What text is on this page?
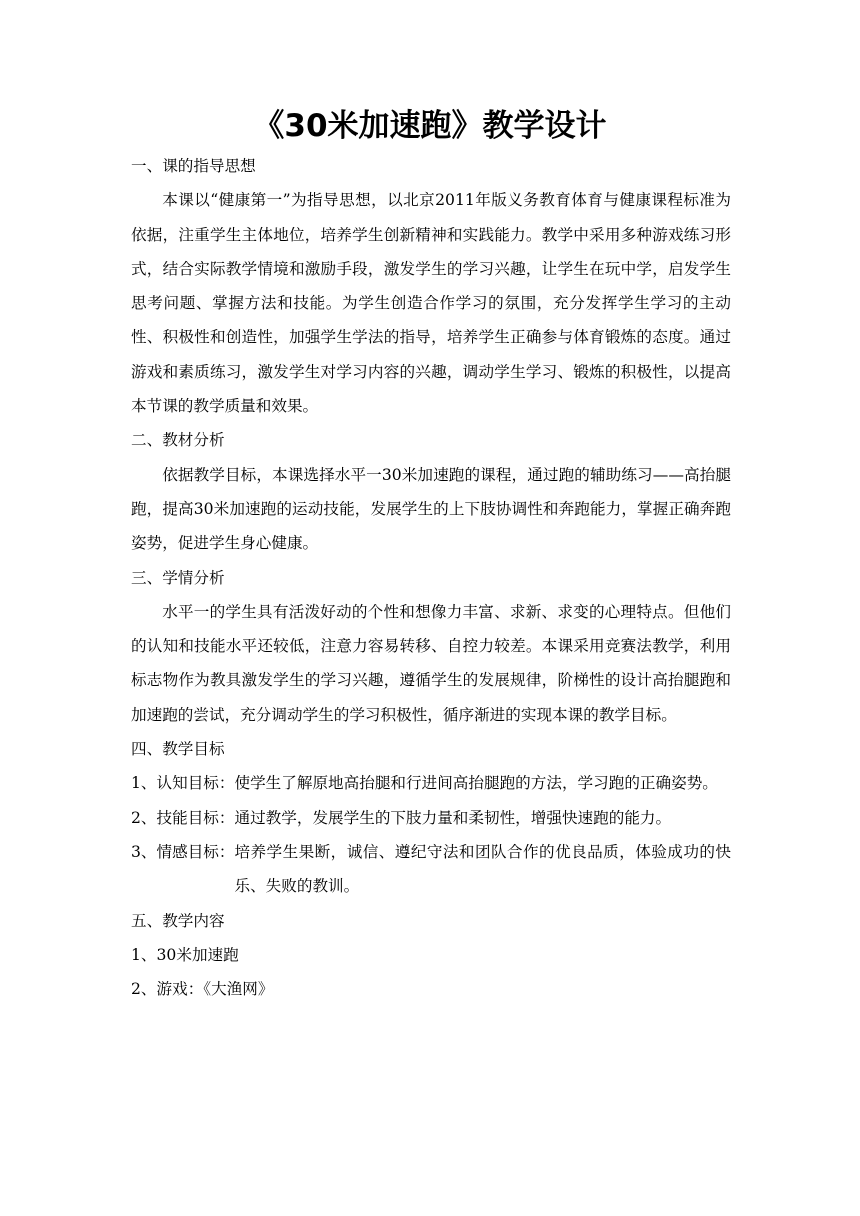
《30米加速跑》教学设计

一、课的指导思想

本课以“健康第一”为指导思想，以北京2011年版义务教育体育与健康课程标准为依据，注重学生主体地位，培养学生创新精神和实践能力。教学中采用多种游戏练习形式，结合实际教学情境和激励手段，激发学生的学习兴趣，让学生在玩中学，启发学生思考问题、掌握方法和技能。为学生创造合作学习的氛围，充分发挥学生学习的主动性、积极性和创造性，加强学生学法的指导，培养学生正确参与体育锻炼的态度。通过游戏和素质练习，激发学生对学习内容的兴趣，调动学生学习、锻炼的积极性，以提高本节课的教学质量和效果。

二、教材分析

依据教学目标，本课选择水平一30米加速跑的课程，通过跑的辅助练习——高抬腿跑，提高30米加速跑的运动技能，发展学生的上下肢协调性和奔跑能力，掌握正确奔跑姿势，促进学生身心健康。

三、学情分析

水平一的学生具有活泼好动的个性和想像力丰富、求新、求变的心理特点。但他们的认知和技能水平还较低，注意力容易转移、自控力较差。本课采用竞赛法教学，利用标志物作为教具激发学生的学习兴趣，遵循学生的发展规律，阶梯性的设计高抬腿跑和加速跑的尝试，充分调动学生的学习积极性，循序渐进的实现本课的教学目标。

四、教学目标

1、认知目标：使学生了解原地高抬腿和行进间高抬腿跑的方法，学习跑的正确姿势。

2、技能目标：通过教学，发展学生的下肢力量和柔韧性，增强快速跑的能力。

3、情感目标： 培养学生果断，诚信、遵纪守法和团队合作的优良品质，体验成功的快乐、失败的教训。

五、教学内容

1、30米加速跑

2、游戏：《大渔网》
